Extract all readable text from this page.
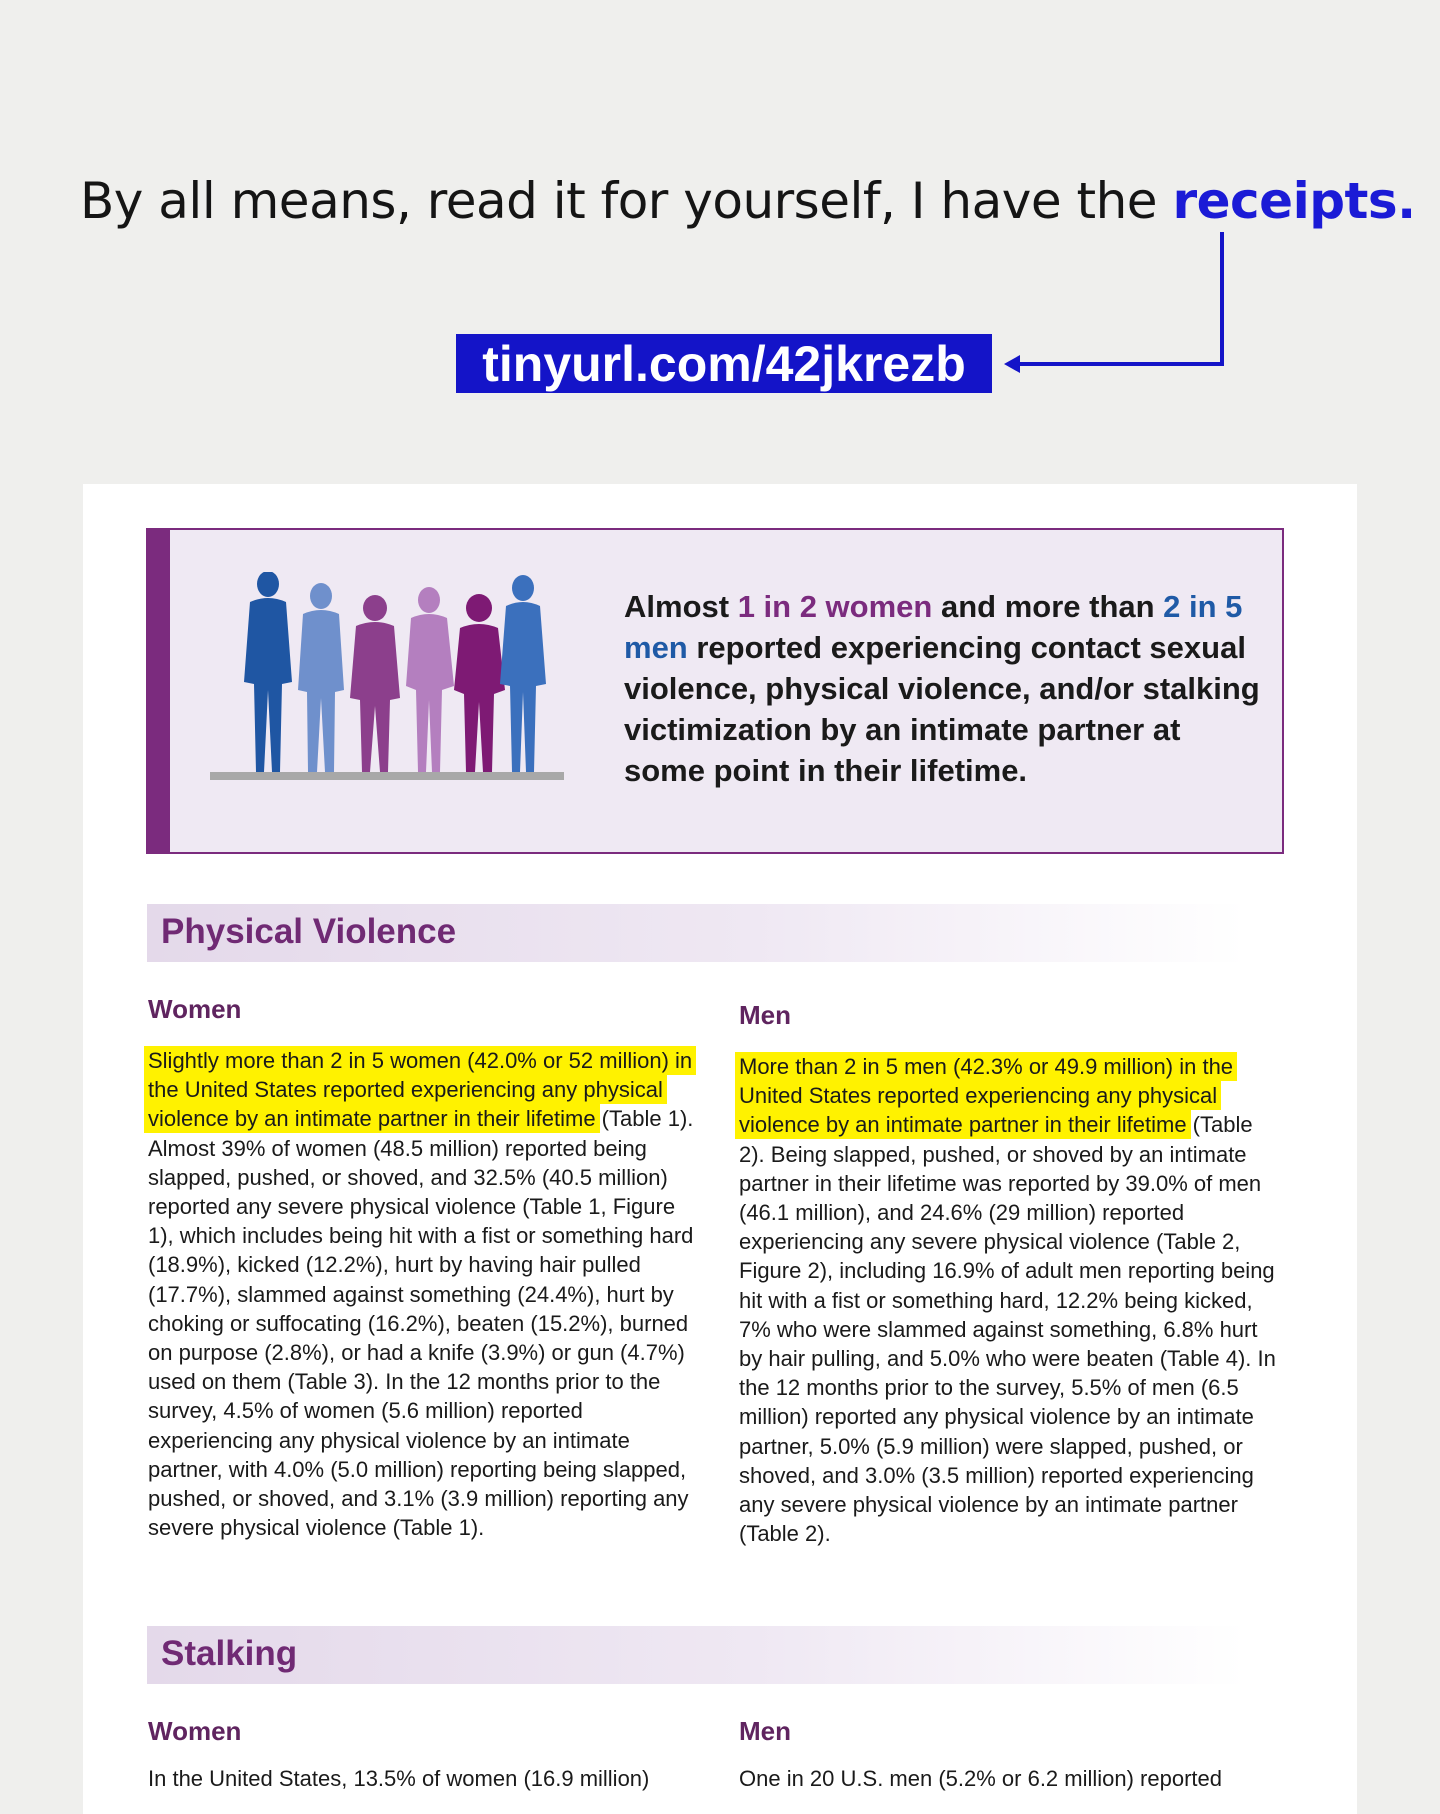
By all means, read it for yourself, I have the receipts.
tinyurl.com/42jkrezb

Almost 1 in 2 women and more than 2 in 5 men reported experiencing contact sexual violence, physical violence, and/or stalking victimization by an intimate partner at some point in their lifetime.

Physical Violence
Women

Slightly more than 2 in 5 women (42.0% or 52 million) in the United States reported experiencing any physical violence by an intimate partner in their lifetime (Table 1). Almost 39% of women (48.5 million) reported being slapped, pushed, or shoved, and 32.5% (40.5 million) reported any severe physical violence (Table 1, Figure 1), which includes being hit with a fist or something hard (18.9%), kicked (12.2%), hurt by having hair pulled (17.7%), slammed against something (24.4%), hurt by choking or suffocating (16.2%), beaten (15.2%), burned on purpose (2.8%), or had a knife (3.9%) or gun (4.7%) used on them (Table 3). In the 12 months prior to the survey, 4.5% of women (5.6 million) reported experiencing any physical violence by an intimate partner, with 4.0% (5.0 million) reporting being slapped, pushed, or shoved, and 3.1% (3.9 million) reporting any severe physical violence (Table 1).

Men

More than 2 in 5 men (42.3% or 49.9 million) in the United States reported experiencing any physical violence by an intimate partner in their lifetime (Table 2). Being slapped, pushed, or shoved by an intimate partner in their lifetime was reported by 39.0% of men (46.1 million), and 24.6% (29 million) reported experiencing any severe physical violence (Table 2, Figure 2), including 16.9% of adult men reporting being hit with a fist or something hard, 12.2% being kicked, 7% who were slammed against something, 6.8% hurt by hair pulling, and 5.0% who were beaten (Table 4). In the 12 months prior to the survey, 5.5% of men (6.5 million) reported any physical violence by an intimate partner, 5.0% (5.9 million) were slapped, pushed, or shoved, and 3.0% (3.5 million) reported experiencing any severe physical violence by an intimate partner (Table 2).

Stalking
Women

In the United States, 13.5% of women (16.9 million)

Men

One in 20 U.S. men (5.2% or 6.2 million) reported
